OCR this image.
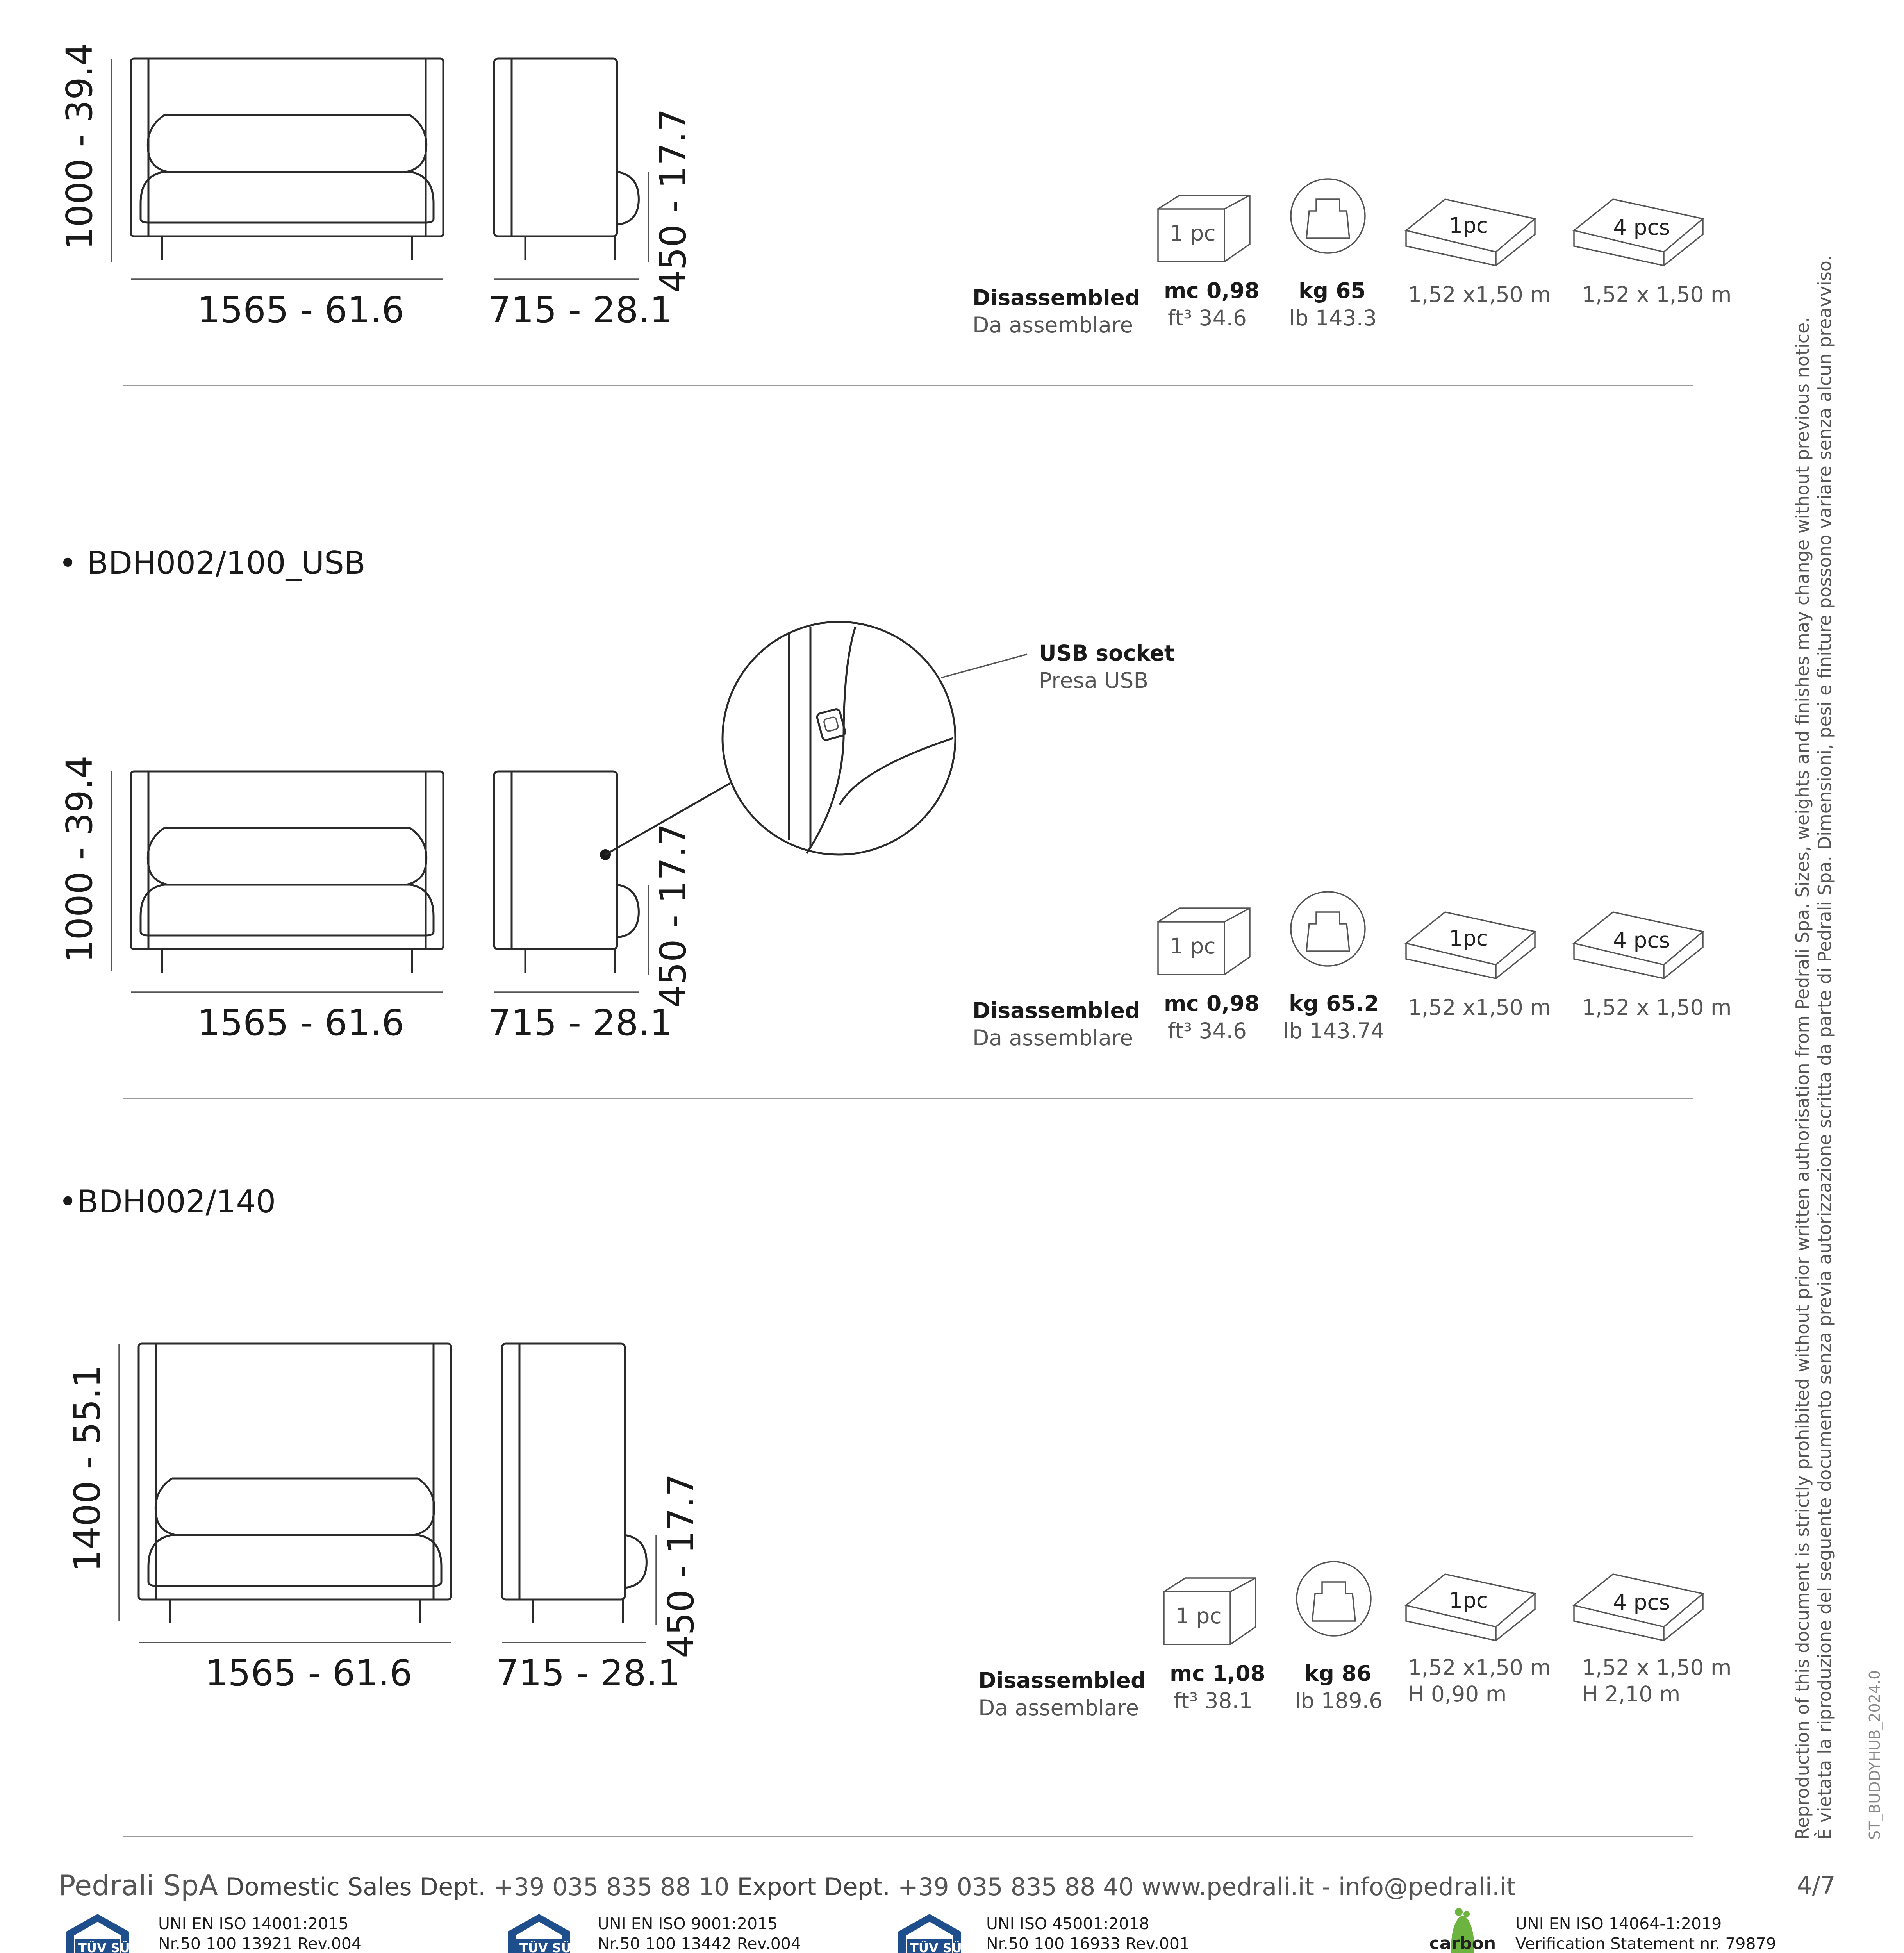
1000 - 39.4
1565 - 61.6 715 - 28.1
450 - 17.7
Disassembled
Da assemblare
1 pc
mc 0,98
ft³ 34.6
kg 65
lb 143.3
1pc	4 pcs
1,52 x1,50 m 1,52 x 1,50 m
• BDH002/100_USB
USB socket
Presa USB
1000 - 39.4
1565 - 61.6 715 - 28.1
450 - 17.7
Disassembled
Da assemblare
1 pc
mc 0,98
ft³ 34.6
kg 65.2
lb 143.74
1pc	4 pcs
1,52 x1,50 m 1,52 x 1,50 m
•BDH002/140
1400 - 55.1
1565 - 61.6 715 - 28.1
450 - 17.7
Disassembled
Da assemblare
1 pc
mc 1,08
ft³ 38.1
kg 86
lb 189.6
1pc	4 pcs
1,52 x1,50 m
H 0,90 m
1,52 x 1,50 m
H 2,10 m	Reproduction of this document is strictly prohibited without prior written authorisation from Pedrali Spa. Sizes, weights and finishes may change without previous notice. È vietata la riproduzione del seguente documento senza previa autorizzazione scritta da parte di Pedrali Spa. Dimensioni, pesi e finiture possono variare senza alcun preavviso. ST_BUDDYHUB_2024.0
Pedrali SpA Domestic Sales Dept. +39 035 835 88 10 Export Dept. +39 035 835 88 40 www.pedrali.it - info@pedrali.it	4/7
TÜV SÜD
UNI EN ISO 14001:2015
Nr.50 100 13921 Rev.004	TÜV SÜD
UNI EN ISO 9001:2015
Nr.50 100 13442 Rev.004	TÜV SÜD
UNI ISO 45001:2018
Nr.50 100 16933 Rev.001	carbon
UNI EN ISO 14064-1:2019
Verification Statement nr. 79879
